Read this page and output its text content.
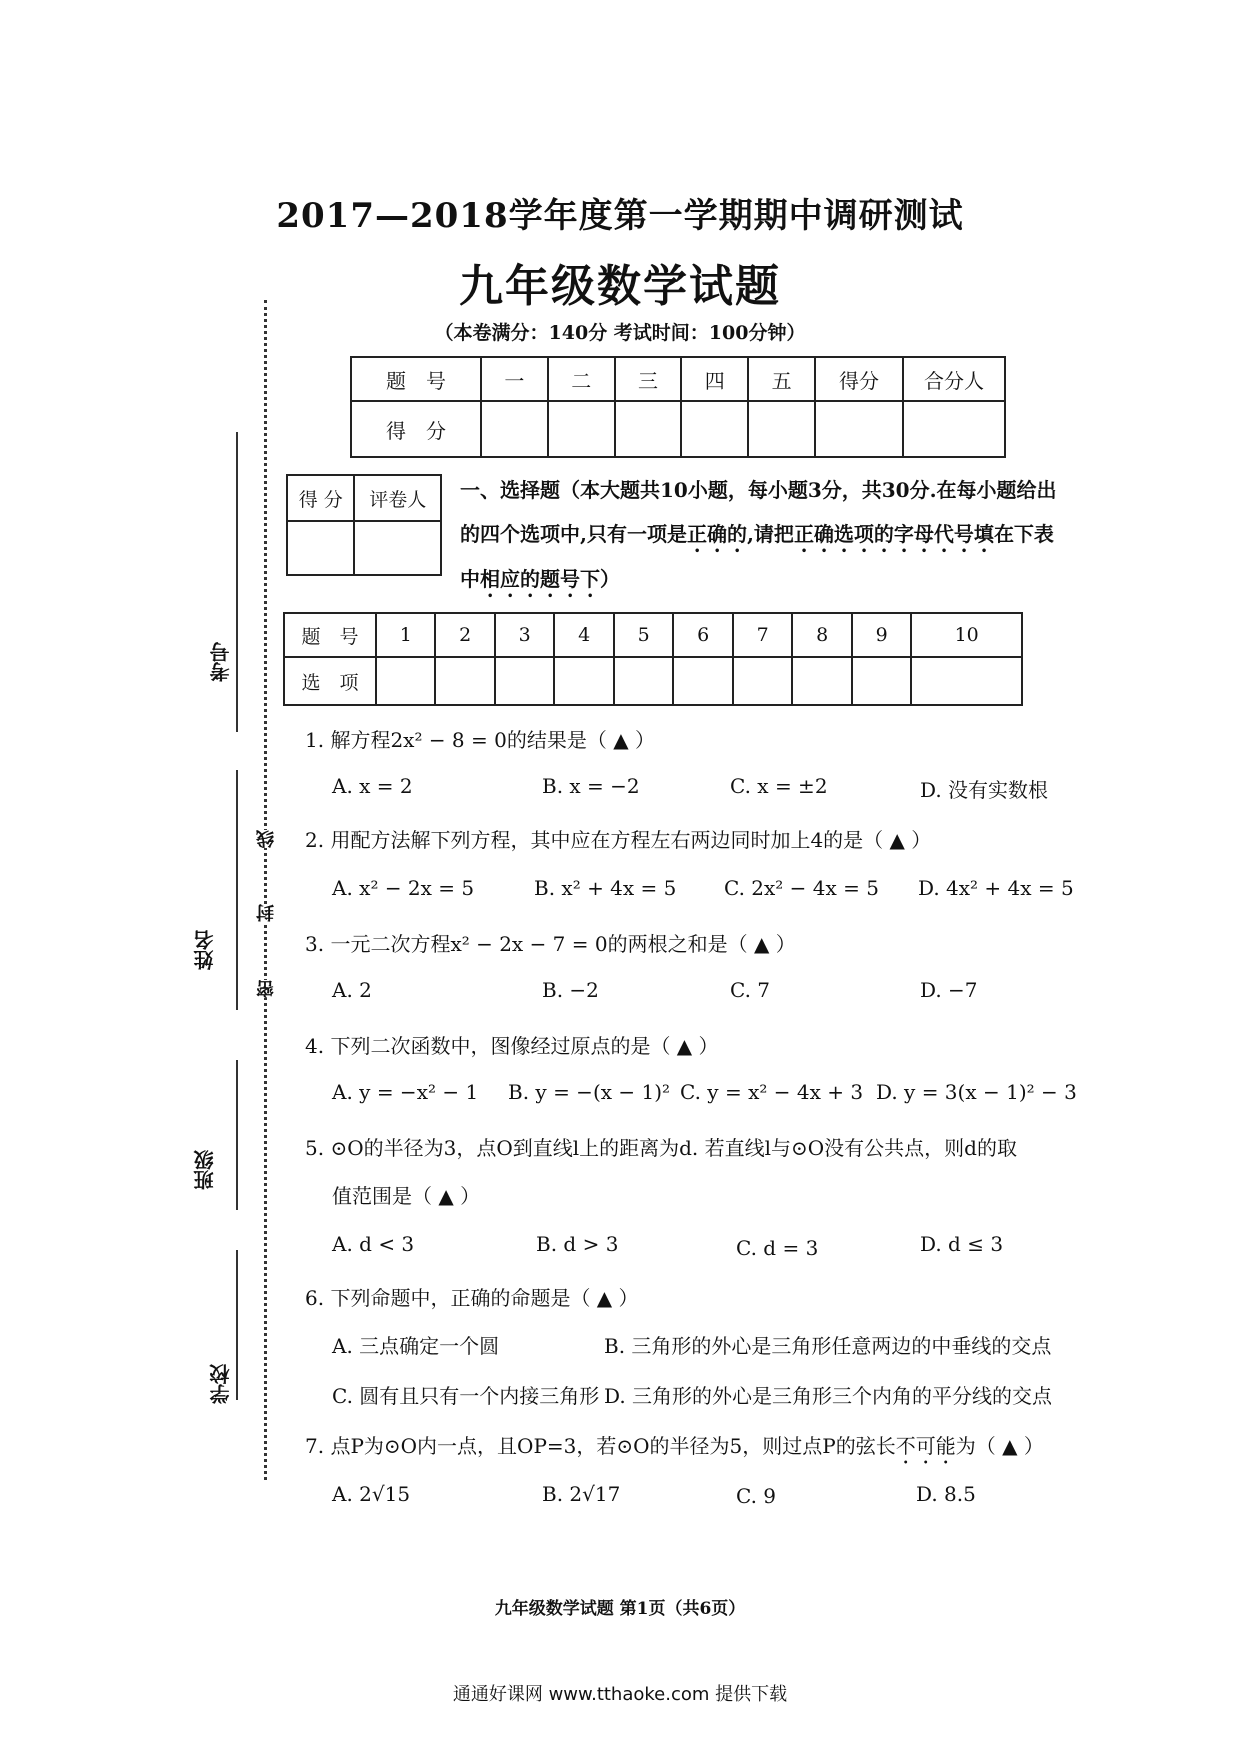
2017—2018学年度第一学期期中调研测试
九年级数学试题
（本卷满分：140分 考试时间：100分钟）
题　号	一	二	三	四	五	得分	合分人
得　分							
得 分	评卷人
	一、选择题（本大题共10小题，每小题3分，共30分.在每小题给出
的四个选项中,只有一项是正确的,请把正确选项的字母代号填在下表
中相应的题号下）
题　号	1	2	3	4	5	6	7	8	9	10
选　项										
考号
姓名
班级
学校
线
封
密
1. 解方程2x² − 8 = 0的结果是（ ▲ ）
A. x = 2	B. x = −2	C. x = ±2	D. 没有实数根
2. 用配方法解下列方程，其中应在方程左右两边同时加上4的是（ ▲ ）
A. x² − 2x = 5	B. x² + 4x = 5 C. 2x² − 4x = 5 D. 4x² + 4x = 5
3. 一元二次方程x² − 2x − 7 = 0的两根之和是（ ▲ ）
A. 2	B. −2	C. 7	D. −7
4. 下列二次函数中，图像经过原点的是（ ▲ ）
A. y = −x² − 1 B. y = −(x − 1)² C. y = x² − 4x + 3 D. y = 3(x − 1)² − 3
5. ⊙O的半径为3，点O到直线l上的距离为d. 若直线l与⊙O没有公共点，则d的取
值范围是（ ▲ ）
A. d < 3	B. d > 3	C. d = 3	D. d ≤ 3
6. 下列命题中，正确的命题是（ ▲ ）
A. 三点确定一个圆	B. 三角形的外心是三角形任意两边的中垂线的交点
C. 圆有且只有一个内接三角形 D. 三角形的外心是三角形三个内角的平分线的交点
7. 点P为⊙O内一点，且OP=3，若⊙O的半径为5，则过点P的弦长不可能为（ ▲ ）
A. 2√15	B. 2√17	C. 9	D. 8.5
九年级数学试题 第1页（共6页）
通通好课网 www.tthaoke.com 提供下载
